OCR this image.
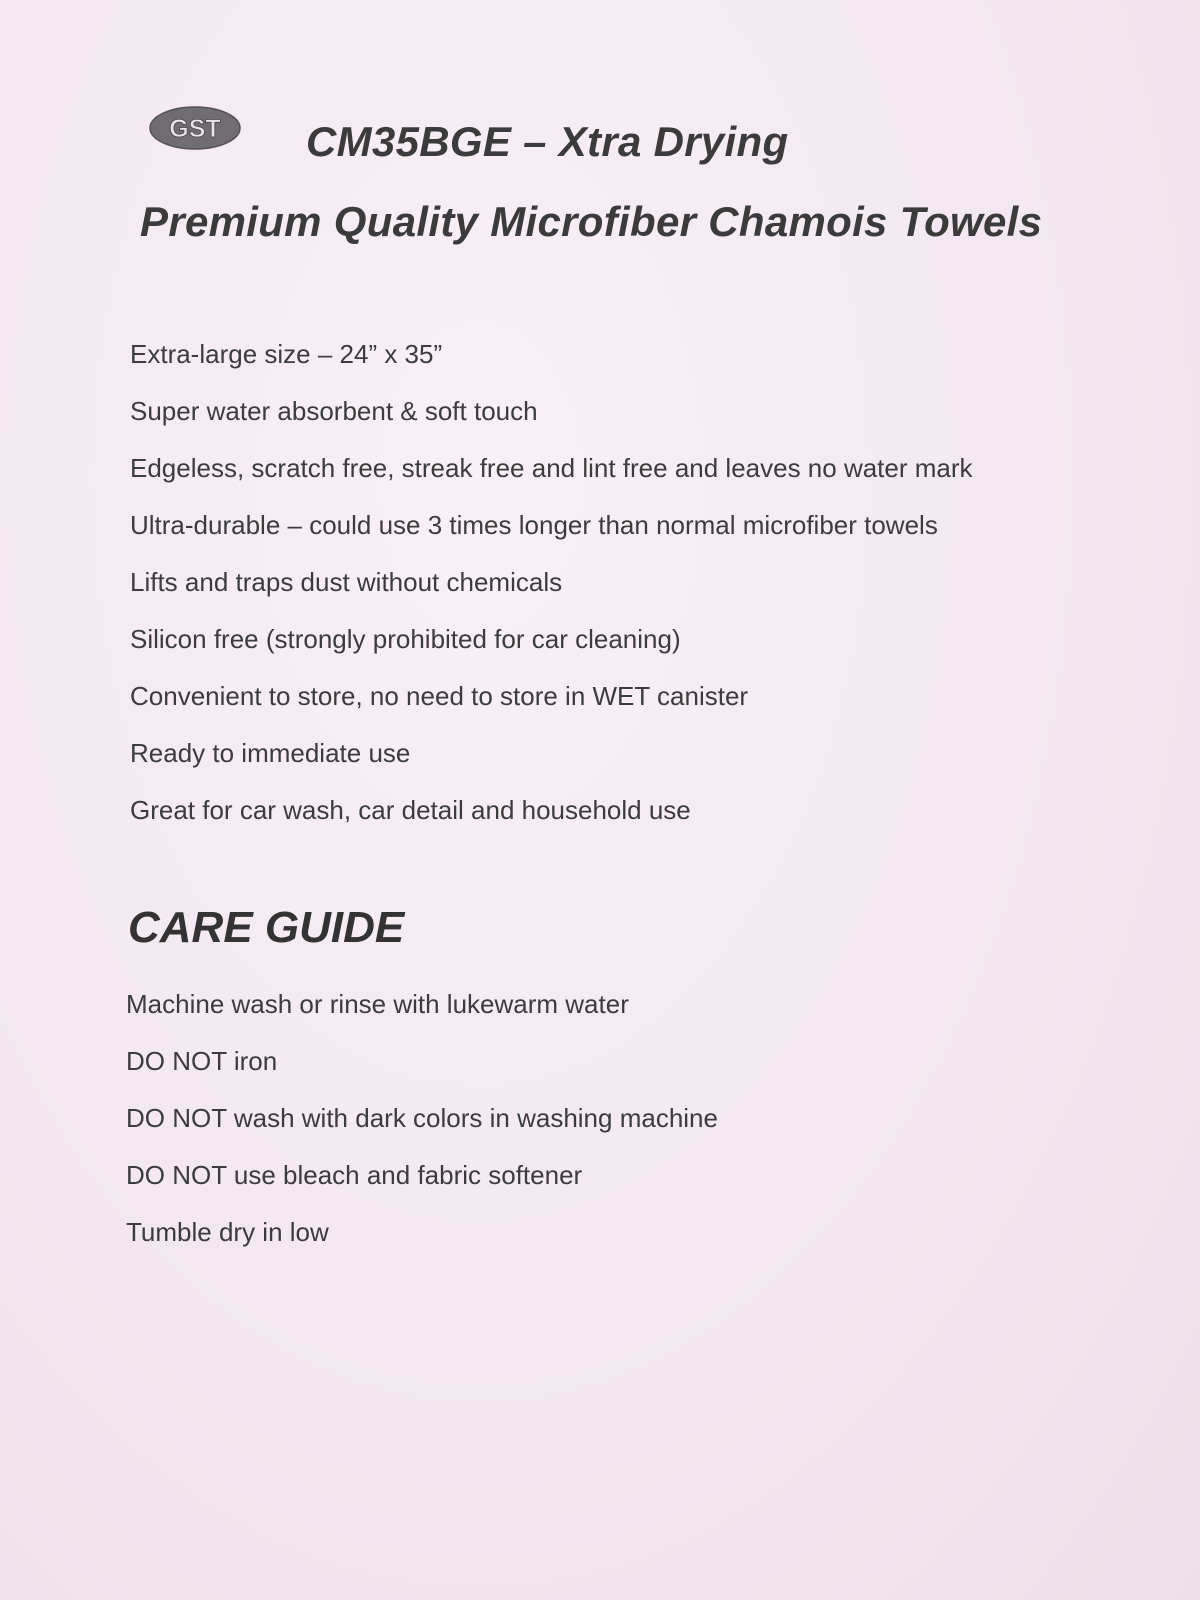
GST CM35BGE – Xtra Drying
Premium Quality Microfiber Chamois Towels
Extra-large size – 24” x 35”
Super water absorbent & soft touch
Edgeless, scratch free, streak free and lint free and leaves no water mark
Ultra-durable – could use 3 times longer than normal microfiber towels
Lifts and traps dust without chemicals
Silicon free (strongly prohibited for car cleaning)
Convenient to store, no need to store in WET canister
Ready to immediate use
Great for car wash, car detail and household use
CARE GUIDE
Machine wash or rinse with lukewarm water
DO NOT iron
DO NOT wash with dark colors in washing machine
DO NOT use bleach and fabric softener
Tumble dry in low
